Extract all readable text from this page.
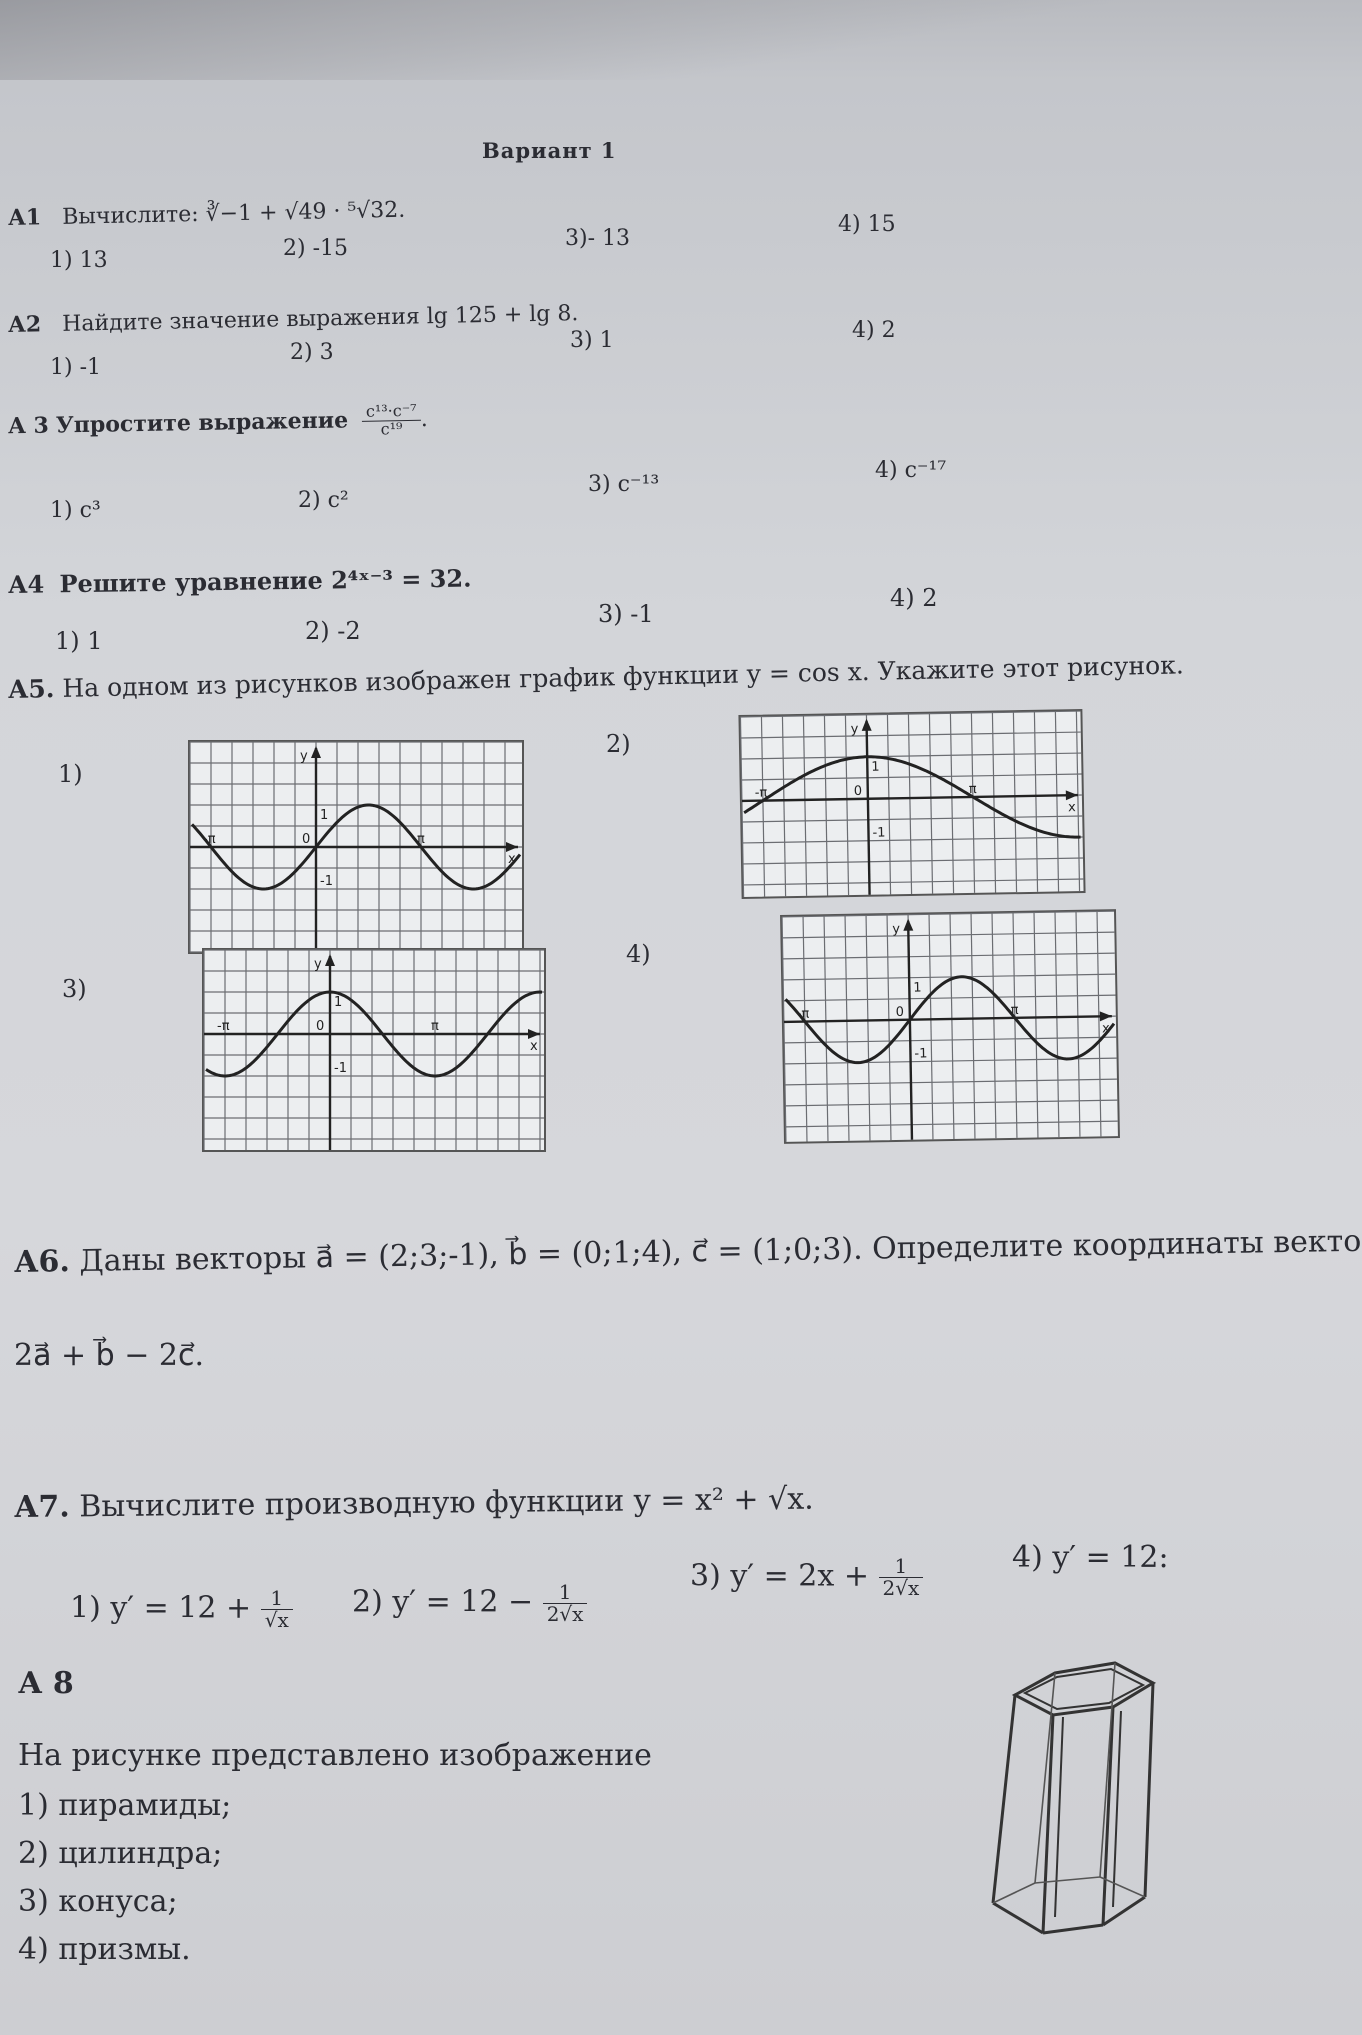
Вариант 1
А1 Вычислите: ∛−1 + √49 · ⁵√32.
1) 13	2) -15	3)- 13
4) 15
А2 Найдите значение выражения lg 125 + lg 8.
1) -1
2) 3	3) 1	4) 2
А 3 Упростите выражение $\frac{\text{c¹³·c⁻⁷}}{\text{c¹⁹}}$ .
1) c³	2) c²
3) c⁻¹³
4) c⁻¹⁷
А4 Решите уравнение 2⁴ˣ⁻³ = 32.
1) 1	2) -2
3) -1
4) 2
А5. На одном из рисунков изображен график функции y = cos x. Укажите этот рисунок.
1)
2)
3)
4)
y
x
1
0
-1
π
-π
y
x
1
0
-1
π
-π
y
x
1
0
-1
π
-π
y
x
1
0
-1
π
-π
А6. Даны векторы a⃗ = (2;3;-1), b⃗ = (0;1;4), c⃗ = (1;0;3). Определите координаты векто
2a⃗ + b⃗ − 2c⃗.
А7. Вычислите производную функции y = x² + √x.
1) $y' = 12 + \frac{1}{√x} 2$) $y' = 12 - \frac{1}{2√x}$
3) $y' = 2x + \frac{1}{2√x}$	4) y′ = 12:
А 8
На рисунке представлено изображение
1) пирамиды;
2) цилиндра;
3) конуса;
4) призмы.
